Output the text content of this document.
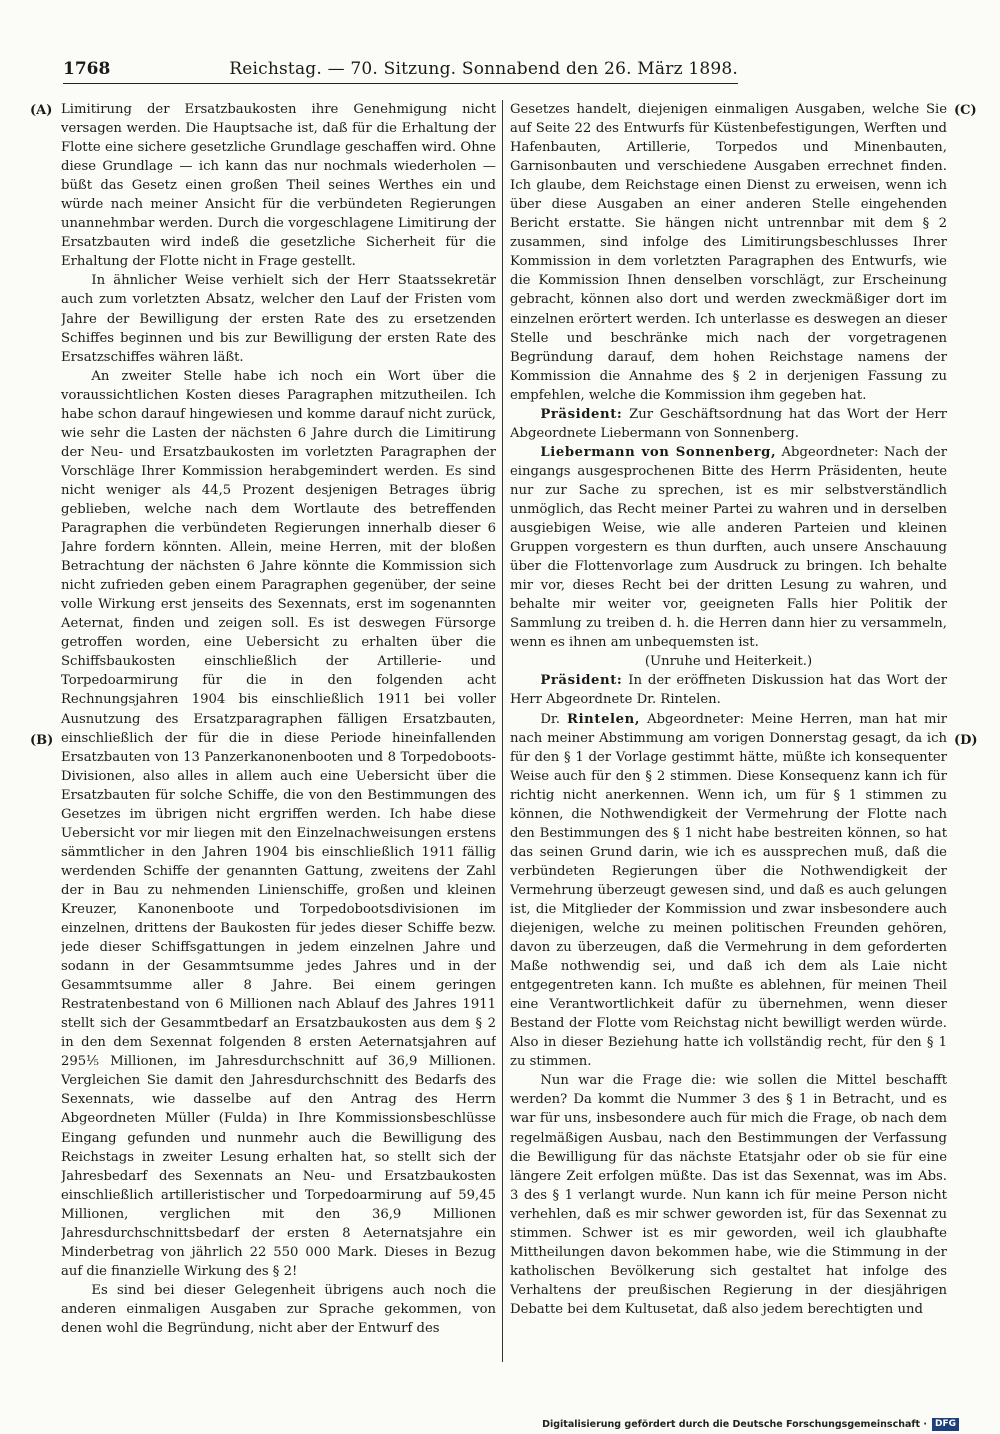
1768	Reichstag. — 70. Sitzung. Sonnabend den 26. März 1898.
(A)
(B)
(C)
(D)

Limitirung der Ersatzbaukosten ihre Genehmigung nicht versagen werden. Die Hauptsache ist, daß für die Erhaltung der Flotte eine sichere gesetzliche Grundlage geschaffen wird. Ohne diese Grundlage — ich kann das nur nochmals wiederholen — büßt das Gesetz einen großen Theil seines Werthes ein und würde nach meiner Ansicht für die verbündeten Regierungen unannehmbar werden. Durch die vorgeschlagene Limitirung der Ersatzbauten wird indeß die gesetzliche Sicherheit für die Erhaltung der Flotte nicht in Frage gestellt.

In ähnlicher Weise verhielt sich der Herr Staatssekretär auch zum vorletzten Absatz, welcher den Lauf der Fristen vom Jahre der Bewilligung der ersten Rate des zu ersetzenden Schiffes beginnen und bis zur Bewilligung der ersten Rate des Ersatzschiffes währen läßt.

An zweiter Stelle habe ich noch ein Wort über die voraussichtlichen Kosten dieses Paragraphen mitzutheilen. Ich habe schon darauf hingewiesen und komme darauf nicht zurück, wie sehr die Lasten der nächsten 6 Jahre durch die Limitirung der Neu- und Ersatzbaukosten im vorletzten Paragraphen der Vorschläge Ihrer Kommission herabgemindert werden. Es sind nicht weniger als 44,5 Prozent desjenigen Betrages übrig geblieben, welche nach dem Wortlaute des betreffenden Paragraphen die verbündeten Regierungen innerhalb dieser 6 Jahre fordern könnten. Allein, meine Herren, mit der bloßen Betrachtung der nächsten 6 Jahre könnte die Kommission sich nicht zufrieden geben einem Paragraphen gegenüber, der seine volle Wirkung erst jenseits des Sexennats, erst im sogenannten Aeternat, finden und zeigen soll. Es ist deswegen Fürsorge getroffen worden, eine Uebersicht zu erhalten über die Schiffsbaukosten einschließlich der Artillerie- und Torpedoarmirung für die in den folgenden acht Rechnungsjahren 1904 bis einschließlich 1911 bei voller Ausnutzung des Ersatzparagraphen fälligen Ersatzbauten, einschließlich der für die in diese Periode hineinfallenden Ersatzbauten von 13 Panzerkanonenbooten und 8 Torpedoboots-Divisionen, also alles in allem auch eine Uebersicht über die Ersatzbauten für solche Schiffe, die von den Bestimmungen des Gesetzes im übrigen nicht ergriffen werden. Ich habe diese Uebersicht vor mir liegen mit den Einzelnachweisungen erstens sämmtlicher in den Jahren 1904 bis einschließlich 1911 fällig werdenden Schiffe der genannten Gattung, zweitens der Zahl der in Bau zu nehmenden Linienschiffe, großen und kleinen Kreuzer, Kanonenboote und Torpedobootsdivisionen im einzelnen, drittens der Baukosten für jedes dieser Schiffe bezw. jede dieser Schiffsgattungen in jedem einzelnen Jahre und sodann in der Gesammtsumme jedes Jahres und in der Gesammtsumme aller 8 Jahre. Bei einem geringen Restratenbestand von 6 Millionen nach Ablauf des Jahres 1911 stellt sich der Gesammtbedarf an Ersatzbaukosten aus dem § 2 in den dem Sexennat folgenden 8 ersten Aeternatsjahren auf 295⅕ Millionen, im Jahresdurchschnitt auf 36,9 Millionen. Vergleichen Sie damit den Jahresdurchschnitt des Bedarfs des Sexennats, wie dasselbe auf den Antrag des Herrn Abgeordneten Müller (Fulda) in Ihre Kommissionsbeschlüsse Eingang gefunden und nunmehr auch die Bewilligung des Reichstags in zweiter Lesung erhalten hat, so stellt sich der Jahresbedarf des Sexennats an Neu- und Ersatzbaukosten einschließlich artilleristischer und Torpedoarmirung auf 59,45 Millionen, verglichen mit den 36,9 Millionen Jahresdurchschnittsbedarf der ersten 8 Aeternatsjahre ein Minderbetrag von jährlich 22 550 000 Mark. Dieses in Bezug auf die finanzielle Wirkung des § 2!

Es sind bei dieser Gelegenheit übrigens auch noch die anderen einmaligen Ausgaben zur Sprache gekommen, von denen wohl die Begründung, nicht aber der Entwurf des

Gesetzes handelt, diejenigen einmaligen Ausgaben, welche Sie auf Seite 22 des Entwurfs für Küstenbefestigungen, Werften und Hafenbauten, Artillerie, Torpedos und Minenbauten, Garnisonbauten und verschiedene Ausgaben errechnet finden. Ich glaube, dem Reichstage einen Dienst zu erweisen, wenn ich über diese Ausgaben an einer anderen Stelle eingehenden Bericht erstatte. Sie hängen nicht untrennbar mit dem § 2 zusammen, sind infolge des Limitirungsbeschlusses Ihrer Kommission in dem vorletzten Paragraphen des Entwurfs, wie die Kommission Ihnen denselben vorschlägt, zur Erscheinung gebracht, können also dort und werden zweckmäßiger dort im einzelnen erörtert werden. Ich unterlasse es deswegen an dieser Stelle und beschränke mich nach der vorgetragenen Begründung darauf, dem hohen Reichstage namens der Kommission die Annahme des § 2 in derjenigen Fassung zu empfehlen, welche die Kommission ihm gegeben hat.

Präsident: Zur Geschäftsordnung hat das Wort der Herr Abgeordnete Liebermann von Sonnenberg.

Liebermann von Sonnenberg, Abgeordneter: Nach der eingangs ausgesprochenen Bitte des Herrn Präsidenten, heute nur zur Sache zu sprechen, ist es mir selbstverständlich unmöglich, das Recht meiner Partei zu wahren und in derselben ausgiebigen Weise, wie alle anderen Parteien und kleinen Gruppen vorgestern es thun durften, auch unsere Anschauung über die Flottenvorlage zum Ausdruck zu bringen. Ich behalte mir vor, dieses Recht bei der dritten Lesung zu wahren, und behalte mir weiter vor, geeigneten Falls hier Politik der Sammlung zu treiben d. h. die Herren dann hier zu versammeln, wenn es ihnen am unbequemsten ist.

(Unruhe und Heiterkeit.)

Präsident: In der eröffneten Diskussion hat das Wort der Herr Abgeordnete Dr. Rintelen.

Dr. Rintelen, Abgeordneter: Meine Herren, man hat mir nach meiner Abstimmung am vorigen Donnerstag gesagt, da ich für den § 1 der Vorlage gestimmt hätte, müßte ich konsequenter Weise auch für den § 2 stimmen. Diese Konsequenz kann ich für richtig nicht anerkennen. Wenn ich, um für § 1 stimmen zu können, die Nothwendigkeit der Vermehrung der Flotte nach den Bestimmungen des § 1 nicht habe bestreiten können, so hat das seinen Grund darin, wie ich es aussprechen muß, daß die verbündeten Regierungen über die Nothwendigkeit der Vermehrung überzeugt gewesen sind, und daß es auch gelungen ist, die Mitglieder der Kommission und zwar insbesondere auch diejenigen, welche zu meinen politischen Freunden gehören, davon zu überzeugen, daß die Vermehrung in dem geforderten Maße nothwendig sei, und daß ich dem als Laie nicht entgegentreten kann. Ich mußte es ablehnen, für meinen Theil eine Verantwortlichkeit dafür zu übernehmen, wenn dieser Bestand der Flotte vom Reichstag nicht bewilligt werden würde. Also in dieser Beziehung hatte ich vollständig recht, für den § 1 zu stimmen.

Nun war die Frage die: wie sollen die Mittel beschafft werden? Da kommt die Nummer 3 des § 1 in Betracht, und es war für uns, insbesondere auch für mich die Frage, ob nach dem regelmäßigen Ausbau, nach den Bestimmungen der Verfassung die Bewilligung für das nächste Etatsjahr oder ob sie für eine längere Zeit erfolgen müßte. Das ist das Sexennat, was im Abs. 3 des § 1 verlangt wurde. Nun kann ich für meine Person nicht verhehlen, daß es mir schwer geworden ist, für das Sexennat zu stimmen. Schwer ist es mir geworden, weil ich glaubhafte Mittheilungen davon bekommen habe, wie die Stimmung in der katholischen Bevölkerung sich gestaltet hat infolge des Verhaltens der preußischen Regierung in der diesjährigen Debatte bei dem Kultusetat, daß also jedem berechtigten und

Digitalisierung gefördert durch die Deutsche Forschungsgemeinschaft · DFG
